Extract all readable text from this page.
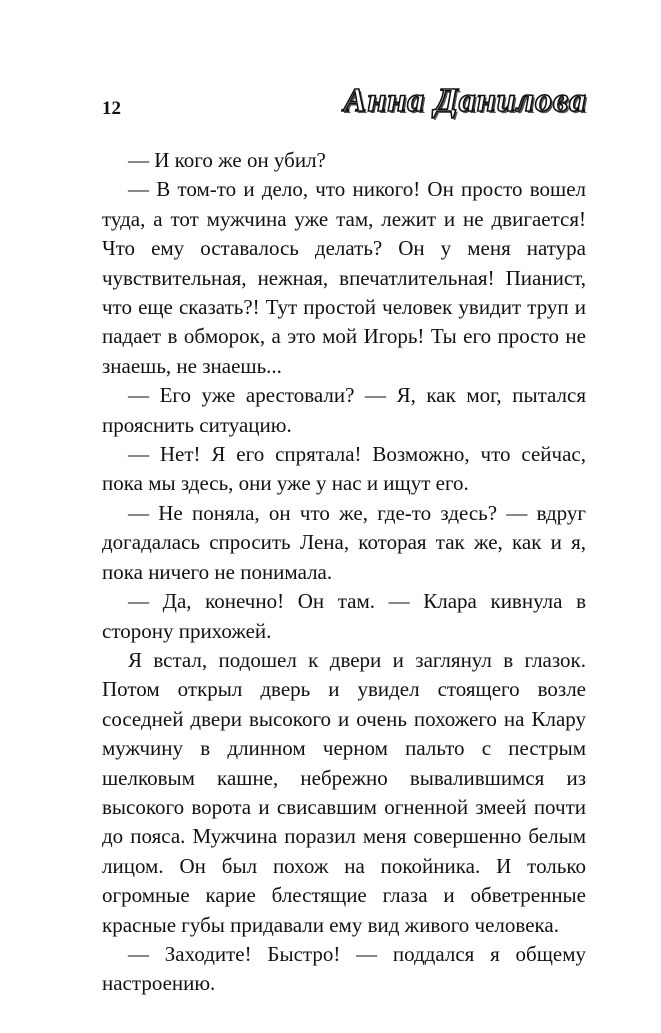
12	Анна Данилова

— И кого же он убил?

— В том-то и дело, что никого! Он просто вошел туда, а тот мужчина уже там, лежит и не двигается! Что ему оставалось делать? Он у меня натура чувствительная, нежная, впечатлительная! Пианист, что еще сказать?! Тут простой человек увидит труп и падает в обморок, а это мой Игорь! Ты его просто не знаешь, не знаешь...

— Его уже арестовали? — Я, как мог, пытался прояснить ситуацию.

— Нет! Я его спрятала! Возможно, что сейчас, пока мы здесь, они уже у нас и ищут его.

— Не поняла, он что же, где-то здесь? — вдруг догадалась спросить Лена, которая так же, как и я, пока ничего не понимала.

— Да, конечно! Он там. — Клара кивнула в сторону прихожей.

Я встал, подошел к двери и заглянул в глазок. Потом открыл дверь и увидел стоящего возле соседней двери высокого и очень похожего на Клару мужчину в длинном черном пальто с пестрым шелковым кашне, небрежно вывалившимся из высокого ворота и свисавшим огненной змеей почти до пояса. Мужчина поразил меня совершенно белым лицом. Он был похож на покойника. И только огромные карие блестящие глаза и обветренные красные губы придавали ему вид живого человека.

— Заходите! Быстро! — поддался я общему настроению.
